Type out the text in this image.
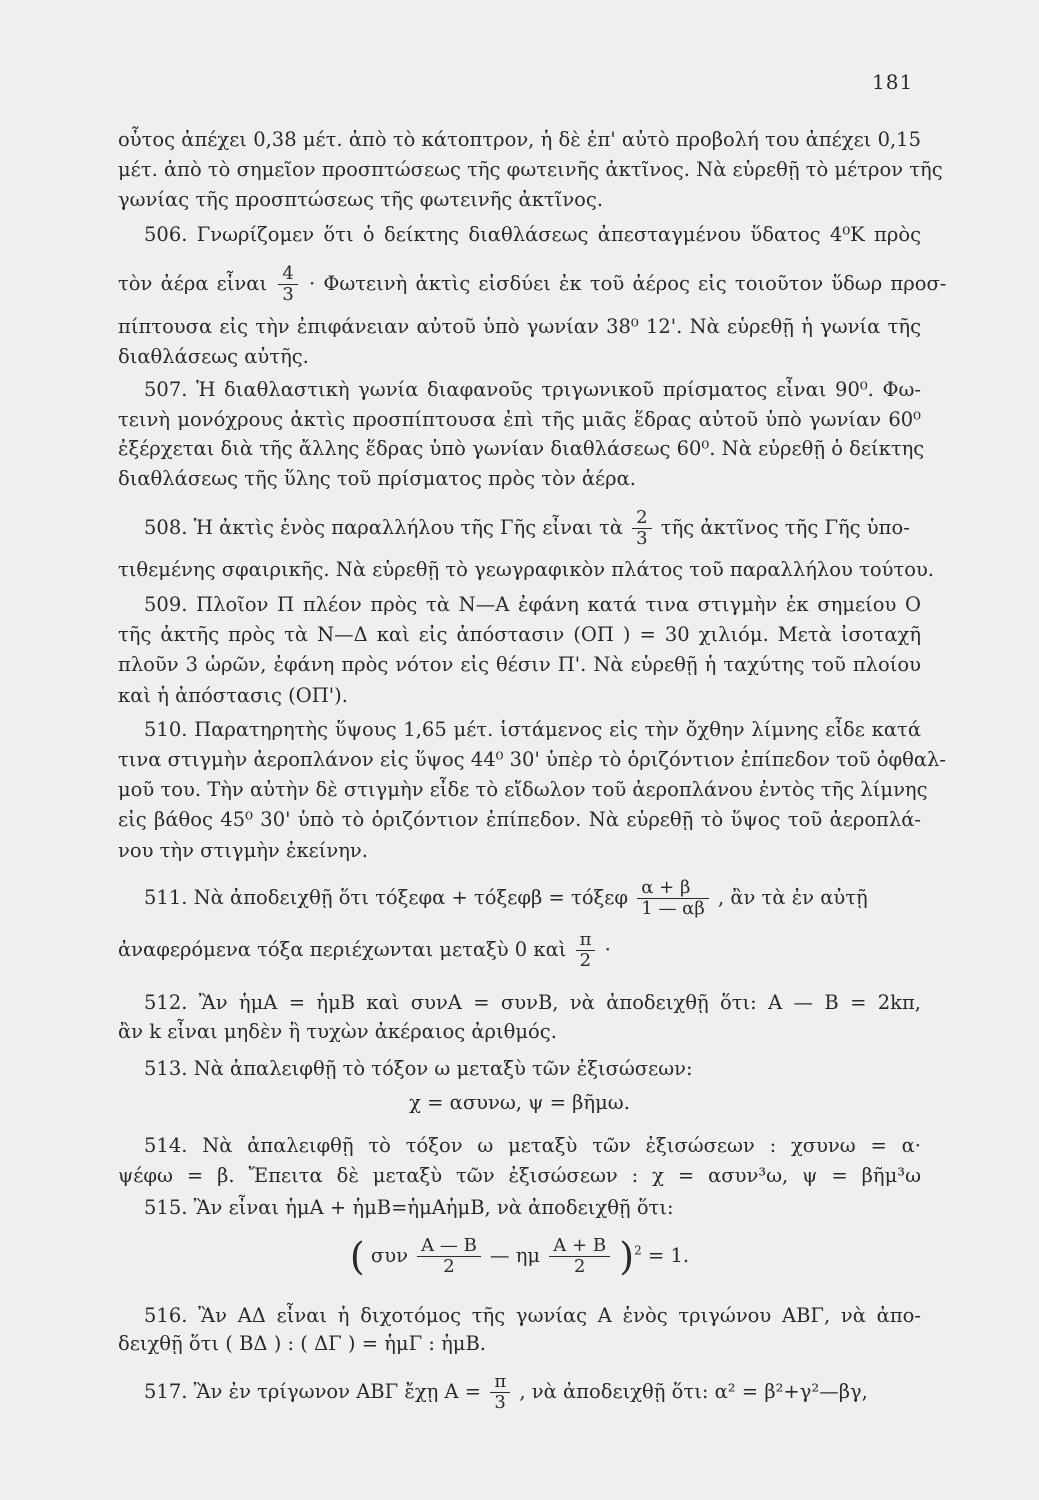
181
οὗτος ἀπέχει 0,38 μέτ. ἀπὸ τὸ κάτοπτρον, ἡ δὲ ἐπ' αὐτὸ προβολή του ἀπέχει 0,15
μέτ. ἀπὸ τὸ σημεῖον προσπτώσεως τῆς φωτεινῆς ἀκτῖνος. Νὰ εὑρεθῇ τὸ μέτρον τῆς
γωνίας τῆς προσπτώσεως τῆς φωτεινῆς ἀκτῖνος.
506. Γνωρίζομεν ὅτι ὁ δείκτης διαθλάσεως ἀπεσταγμένου ὕδατος 4⁰Κ πρὸς
τὸν ἀέρα εἶναι $\frac{4}{3}$ · Φωτεινὴ ἀκτὶς εἰσδύει ἐκ τοῦ ἀέρος εἰς τοιοῦτον ὕδωρ προσ-
πίπτουσα εἰς τὴν ἐπιφάνειαν αὐτοῦ ὑπὸ γωνίαν 38⁰ 12'. Νὰ εὑρεθῇ ἡ γωνία τῆς
διαθλάσεως αὐτῆς.
507. Ἡ διαθλαστικὴ γωνία διαφανοῦς τριγωνικοῦ πρίσματος εἶναι 90⁰. Φω-
τεινὴ μονόχρους ἀκτὶς προσπίπτουσα ἐπὶ τῆς μιᾶς ἕδρας αὐτοῦ ὑπὸ γωνίαν 60⁰
ἐξέρχεται διὰ τῆς ἄλλης ἕδρας ὑπὸ γωνίαν διαθλάσεως 60⁰. Νὰ εὑρεθῇ ὁ δείκτης
διαθλάσεως τῆς ὕλης τοῦ πρίσματος πρὸς τὸν ἀέρα.
508. Ἡ ἀκτὶς ἑνὸς παραλλήλου τῆς Γῆς εἶναι τὰ $\frac{2}{3}$ τῆς ἀκτῖνος τῆς Γῆς ὑπο-
τιθεμένης σφαιρικῆς. Νὰ εὑρεθῇ τὸ γεωγραφικὸν πλάτος τοῦ παραλλήλου τούτου.
509. Πλοῖον Π πλέον πρὸς τὰ Ν—Α ἐφάνη κατά τινα στιγμὴν ἐκ σημείου Ο
τῆς ἀκτῆς πρὸς τὰ Ν—Δ καὶ εἰς ἀπόστασιν (ΟΠ ) = 30 χιλιόμ. Μετὰ ἰσοταχῆ
πλοῦν 3 ὡρῶν, ἐφάνη πρὸς νότον εἰς θέσιν Π'. Νὰ εὑρεθῇ ἡ ταχύτης τοῦ πλοίου
καὶ ἡ ἀπόστασις (ΟΠ').
510. Παρατηρητὴς ὕψους 1,65 μέτ. ἱστάμενος εἰς τὴν ὄχθην λίμνης εἶδε κατά
τινα στιγμὴν ἀεροπλάνον εἰς ὕψος 44⁰ 30' ὑπὲρ τὸ ὁριζόντιον ἐπίπεδον τοῦ ὀφθαλ-
μοῦ του. Τὴν αὐτὴν δὲ στιγμὴν εἶδε τὸ εἴδωλον τοῦ ἀεροπλάνου ἐντὸς τῆς λίμνης
εἰς βάθος 45⁰ 30' ὑπὸ τὸ ὁριζόντιον ἐπίπεδον. Νὰ εὑρεθῇ τὸ ὕψος τοῦ ἀεροπλά-
νου τὴν στιγμὴν ἐκείνην.
511. Νὰ ἀποδειχθῇ ὅτι τόξεφα + τόξεφβ = τόξεφ $\frac{\alpha + \beta}{1 — \alpha\beta}$ , ἂν τὰ ἐν αὐτῇ
ἀναφερόμενα τόξα περιέχωνται μεταξὺ 0 καὶ $\frac{\pi}{2}$ ·
512. Ἂν ἡμΑ = ἡμΒ καὶ συνΑ = συνΒ, νὰ ἀποδειχθῇ ὅτι: Α — Β = 2kπ,
ἂν k εἶναι μηδὲν ἢ τυχὼν ἀκέραιος ἀριθμός.
513. Νὰ ἀπαλειφθῇ τὸ τόξον ω μεταξὺ τῶν ἐξισώσεων:
χ = ασυνω, ψ = βῆμω.
514. Νὰ ἀπαλειφθῇ τὸ τόξον ω μεταξὺ τῶν ἐξισώσεων : χσυνω = α·
ψέφω = β. Ἔπειτα δὲ μεταξὺ τῶν ἐξισώσεων : χ = ασυν³ω, ψ = βῆμ³ω
515. Ἂν εἶναι ἡμΑ + ἡμΒ=ἡμΑἡμΒ, νὰ ἀποδειχθῇ ὅτι:
( συν $\frac{A — B}{2}$ — ημ $\frac{A + B}{2} )^2 = 1$.
516. Ἂν ΑΔ εἶναι ἡ διχοτόμος τῆς γωνίας Α ἑνὸς τριγώνου ΑΒΓ, νὰ ἀπο-
δειχθῇ ὅτι ( ΒΔ ) : ( ΔΓ ) = ἡμΓ : ἡμΒ.
517. Ἂν ἐν τρίγωνον ΑΒΓ ἔχῃ $A = \frac{\pi}{3}$ , νὰ ἀποδειχθῇ ὅτι: α² = β²+γ²—βγ,
